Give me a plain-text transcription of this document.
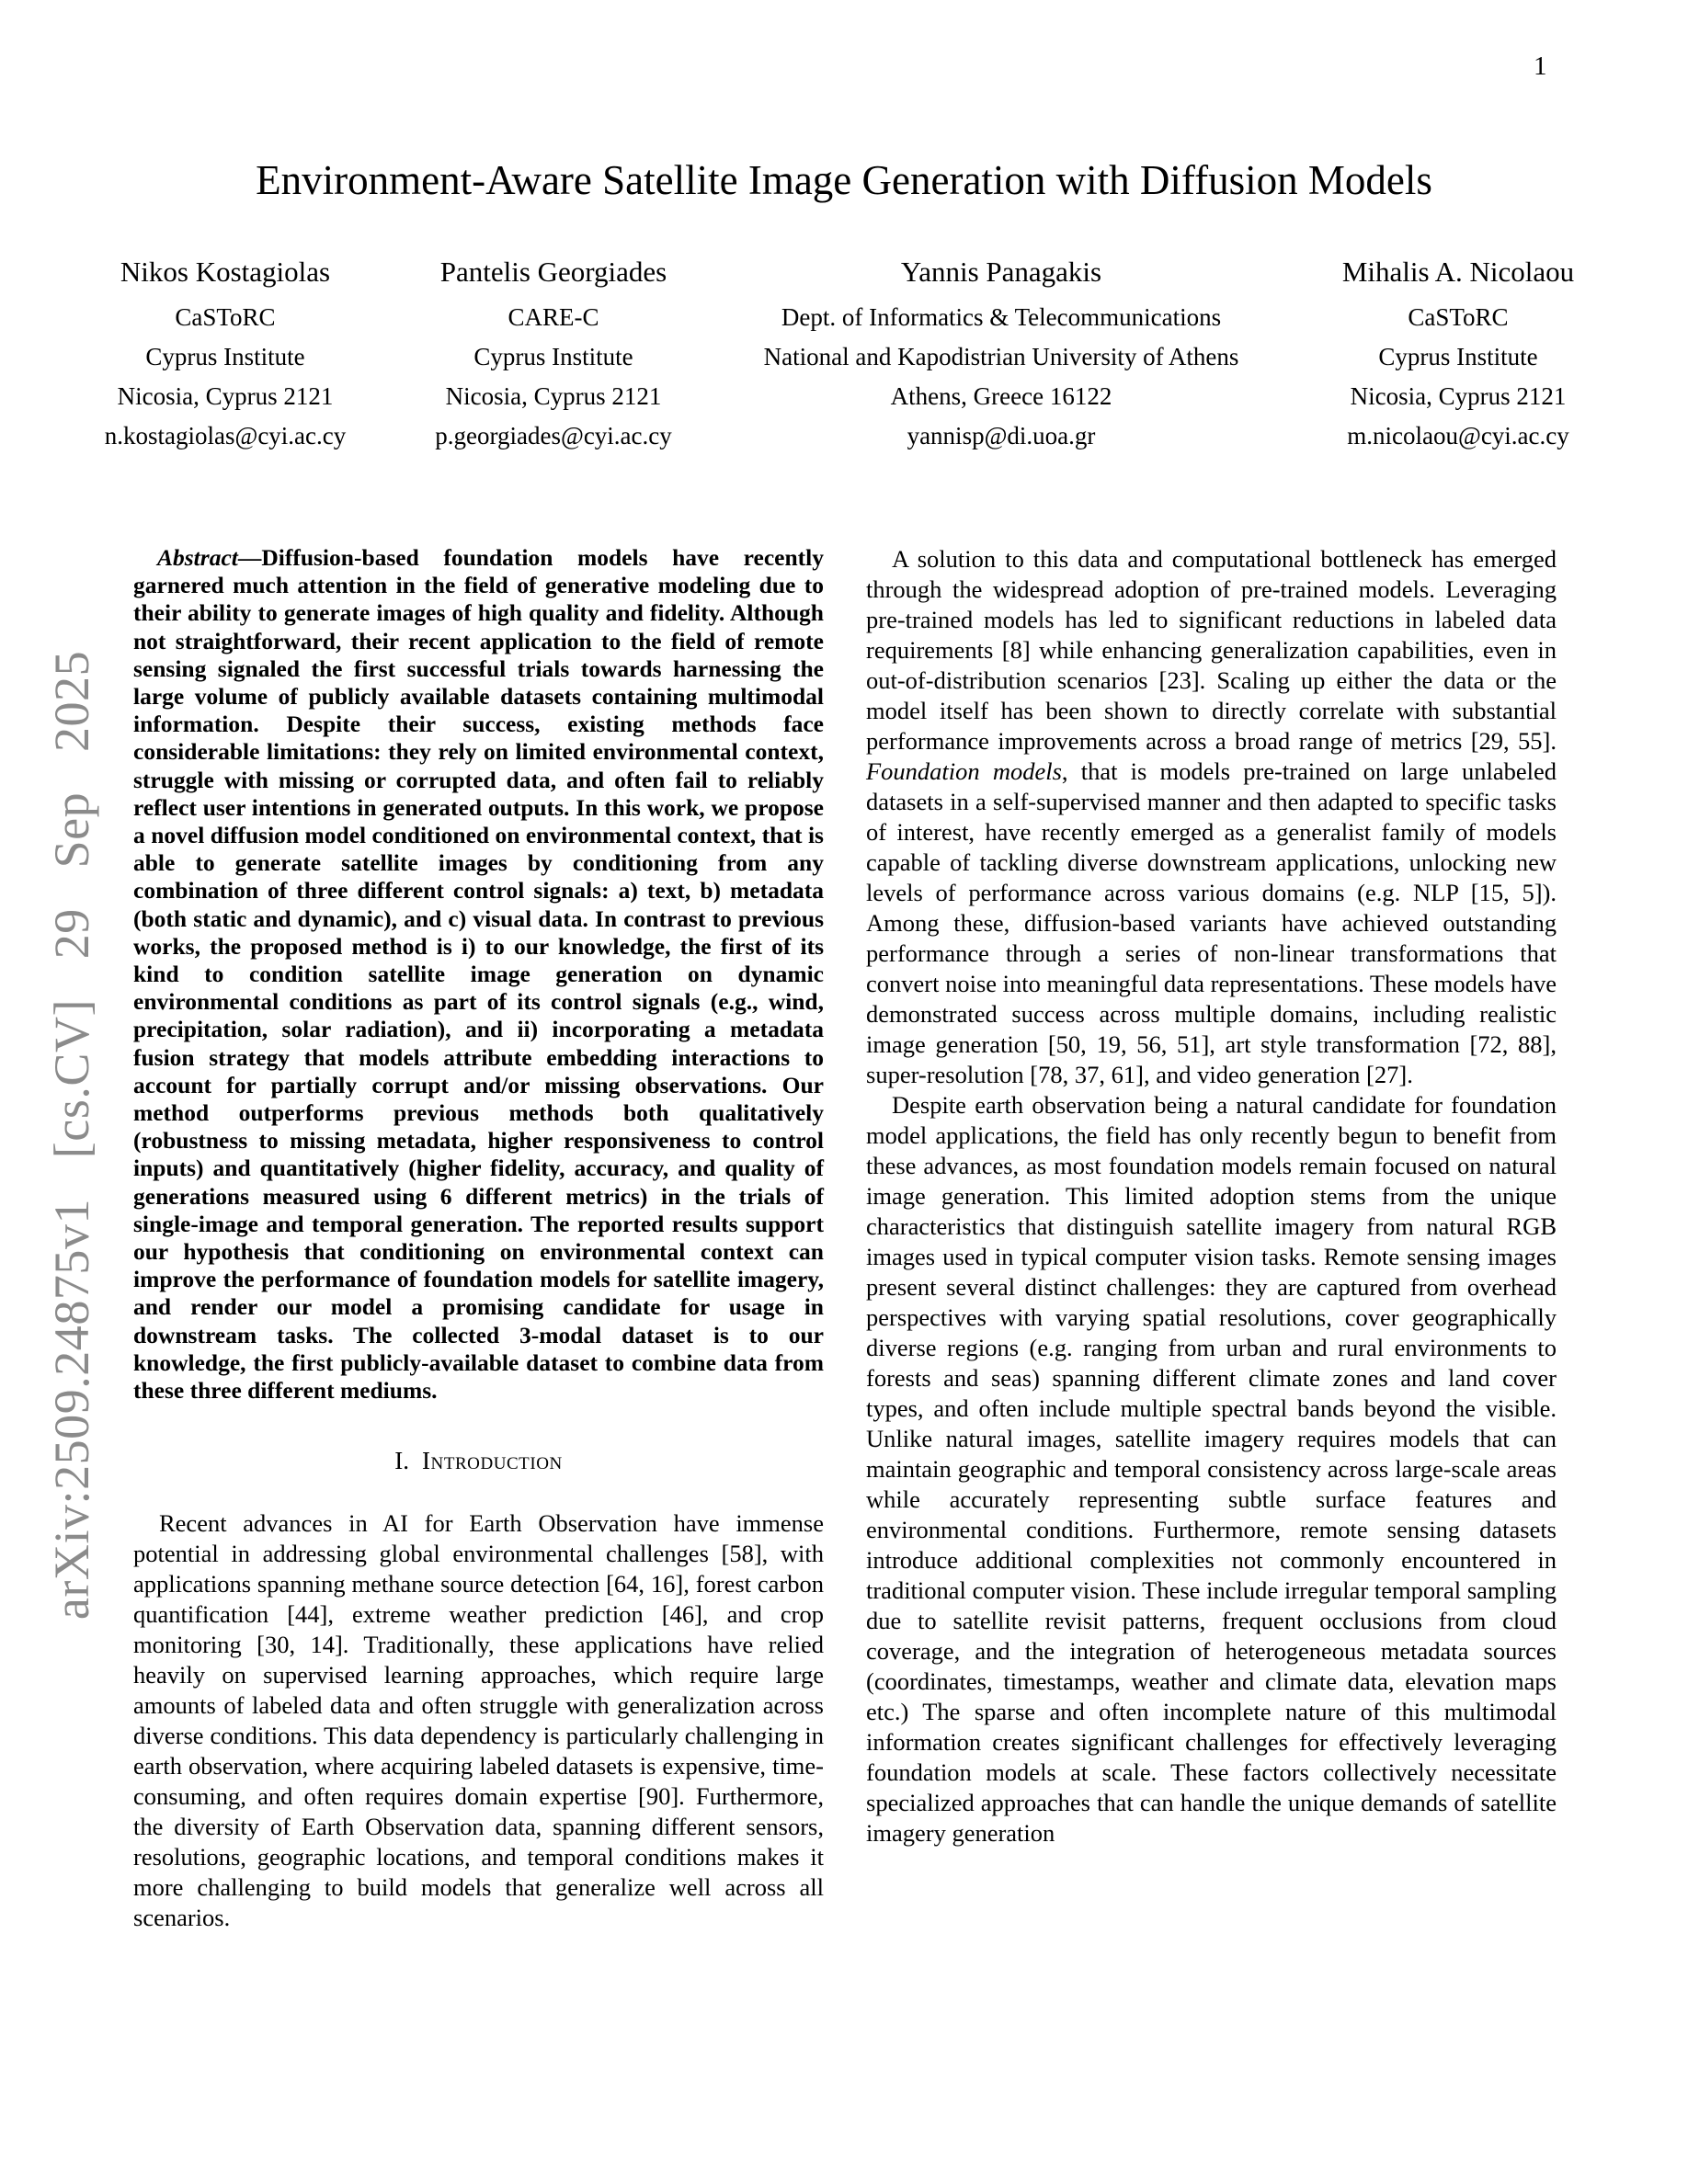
1
arXiv:2509.24875v1 [cs.CV] 29 Sep 2025
Environment-Aware Satellite Image Generation with Diffusion Models
Nikos Kostagiolas
CaSToRC
Cyprus Institute
Nicosia, Cyprus 2121
n.kostagiolas@cyi.ac.cy
Pantelis Georgiades
CARE-C
Cyprus Institute
Nicosia, Cyprus 2121
p.georgiades@cyi.ac.cy
Yannis Panagakis
Dept. of Informatics & Telecommunications
National and Kapodistrian University of Athens
Athens, Greece 16122
yannisp@di.uoa.gr
Mihalis A. Nicolaou
CaSToRC
Cyprus Institute
Nicosia, Cyprus 2121
m.nicolaou@cyi.ac.cy

Abstract—Diffusion-based foundation models have recently garnered much attention in the field of generative modeling due to their ability to generate images of high quality and fidelity. Although not straightforward, their recent application to the field of remote sensing signaled the first successful trials towards harnessing the large volume of publicly available datasets containing multimodal information. Despite their success, existing methods face considerable limitations: they rely on limited environmental context, struggle with missing or corrupted data, and often fail to reliably reflect user intentions in generated outputs. In this work, we propose a novel diffusion model conditioned on environmental context, that is able to generate satellite images by conditioning from any combination of three different control signals: a) text, b) metadata (both static and dynamic), and c) visual data. In contrast to previous works, the proposed method is i) to our knowledge, the first of its kind to condition satellite image generation on dynamic environmental conditions as part of its control signals (e.g., wind, precipitation, solar radiation), and ii) incorporating a metadata fusion strategy that models attribute embedding interactions to account for partially corrupt and/or missing observations. Our method outperforms previous methods both qualitatively (robustness to missing metadata, higher responsiveness to control inputs) and quantitatively (higher fidelity, accuracy, and quality of generations measured using 6 different metrics) in the trials of single-image and temporal generation. The reported results support our hypothesis that conditioning on environmental context can improve the performance of foundation models for satellite imagery, and render our model a promising candidate for usage in downstream tasks. The collected 3-modal dataset is to our knowledge, the first publicly-available dataset to combine data from these three different mediums.

I. Introduction

Recent advances in AI for Earth Observation have immense potential in addressing global environmental challenges [58], with applications spanning methane source detection [64, 16], forest carbon quantification [44], extreme weather prediction [46], and crop monitoring [30, 14]. Traditionally, these applications have relied heavily on supervised learning approaches, which require large amounts of labeled data and often struggle with generalization across diverse conditions. This data dependency is particularly challenging in earth observation, where acquiring labeled datasets is expensive, time-consuming, and often requires domain expertise [90]. Furthermore, the diversity of Earth Observation data, spanning different sensors, resolutions, geographic locations, and temporal conditions makes it more challenging to build models that generalize well across all scenarios.

A solution to this data and computational bottleneck has emerged through the widespread adoption of pre-trained models. Leveraging pre-trained models has led to significant reductions in labeled data requirements [8] while enhancing generalization capabilities, even in out-of-distribution scenarios [23]. Scaling up either the data or the model itself has been shown to directly correlate with substantial performance improvements across a broad range of metrics [29, 55]. Foundation models, that is models pre-trained on large unlabeled datasets in a self-supervised manner and then adapted to specific tasks of interest, have recently emerged as a generalist family of models capable of tackling diverse downstream applications, unlocking new levels of performance across various domains (e.g. NLP [15, 5]). Among these, diffusion-based variants have achieved outstanding performance through a series of non-linear transformations that convert noise into meaningful data representations. These models have demonstrated success across multiple domains, including realistic image generation [50, 19, 56, 51], art style transformation [72, 88], super-resolution [78, 37, 61], and video generation [27].

Despite earth observation being a natural candidate for foundation model applications, the field has only recently begun to benefit from these advances, as most foundation models remain focused on natural image generation. This limited adoption stems from the unique characteristics that distinguish satellite imagery from natural RGB images used in typical computer vision tasks. Remote sensing images present several distinct challenges: they are captured from overhead perspectives with varying spatial resolutions, cover geographically diverse regions (e.g. ranging from urban and rural environments to forests and seas) spanning different climate zones and land cover types, and often include multiple spectral bands beyond the visible. Unlike natural images, satellite imagery requires models that can maintain geographic and temporal consistency across large-scale areas while accurately representing subtle surface features and environmental conditions. Furthermore, remote sensing datasets introduce additional complexities not commonly encountered in traditional computer vision. These include irregular temporal sampling due to satellite revisit patterns, frequent occlusions from cloud coverage, and the integration of heterogeneous metadata sources (coordinates, timestamps, weather and climate data, elevation maps etc.) The sparse and often incomplete nature of this multimodal information creates significant challenges for effectively leveraging foundation models at scale. These factors collectively necessitate specialized approaches that can handle the unique demands of satellite imagery generation
